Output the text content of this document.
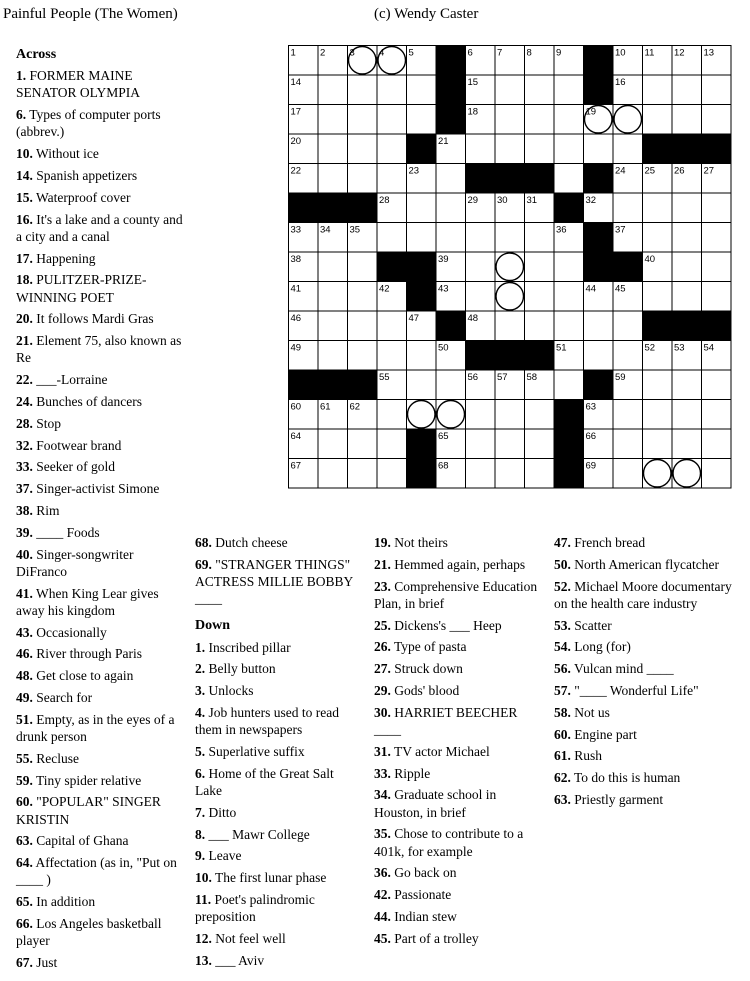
Painful People (The Women)	(c) Wendy Caster
Across
1. FORMER MAINE SENATOR OLYMPIA
6. Types of computer ports (abbrev.)
10. Without ice
14. Spanish appetizers
15. Waterproof cover
16. It's a lake and a county and a city and a canal
17. Happening
18. PULITZER-PRIZE-WINNING POET
20. It follows Mardi Gras
21. Element 75, also known as Re
22. ___-Lorraine
24. Bunches of dancers
28. Stop
32. Footwear brand
33. Seeker of gold
37. Singer-activist Simone
38. Rim
39. ____ Foods
40. Singer-songwriter DiFranco
41. When King Lear gives away his kingdom
43. Occasionally
46. River through Paris
48. Get close to again
49. Search for
51. Empty, as in the eyes of a drunk person
55. Recluse
59. Tiny spider relative
60. "POPULAR" SINGER KRISTIN
63. Capital of Ghana
64. Affectation (as in, "Put on ____ )
65. In addition
66. Los Angeles basketball player
67. Just
68. Dutch cheese
69. "STRANGER THINGS" ACTRESS MILLIE BOBBY ____
Down
1. Inscribed pillar
2. Belly button
3. Unlocks
4. Job hunters used to read them in newspapers
5. Superlative suffix
6. Home of the Great Salt Lake
7. Ditto
8. ___ Mawr College
9. Leave
10. The first lunar phase
11. Poet's palindromic preposition
12. Not feel well
13. ___ Aviv
19. Not theirs
21. Hemmed again, perhaps
23. Comprehensive Education Plan, in brief
25. Dickens's ___ Heep
26. Type of pasta
27. Struck down
29. Gods' blood
30. HARRIET BEECHER ____
31. TV actor Michael
33. Ripple
34. Graduate school in Houston, in brief
35. Chose to contribute to a 401k, for example
36. Go back on
42. Passionate
44. Indian stew
45. Part of a trolley
47. French bread
50. North American flycatcher
52. Michael Moore documentary on the health care industry
53. Scatter
54. Long (for)
56. Vulcan mind ____
57. "____ Wonderful Life"
58. Not us
60. Engine part
61. Rush
62. To do this is human
63. Priestly garment
1	2	3	4	5	6	7	8	9	10 11 12 13
14	15	16
17	18	19
20	21
22	23	24 25 26 27
28	29 30 31	32
33 34 35	36	37
38	39	40
41	42	43	44 45
46	47	48
49	50	51	52 53 54
55	56 57 58	59
60 61 62	63
64	65	66
67	68	69
